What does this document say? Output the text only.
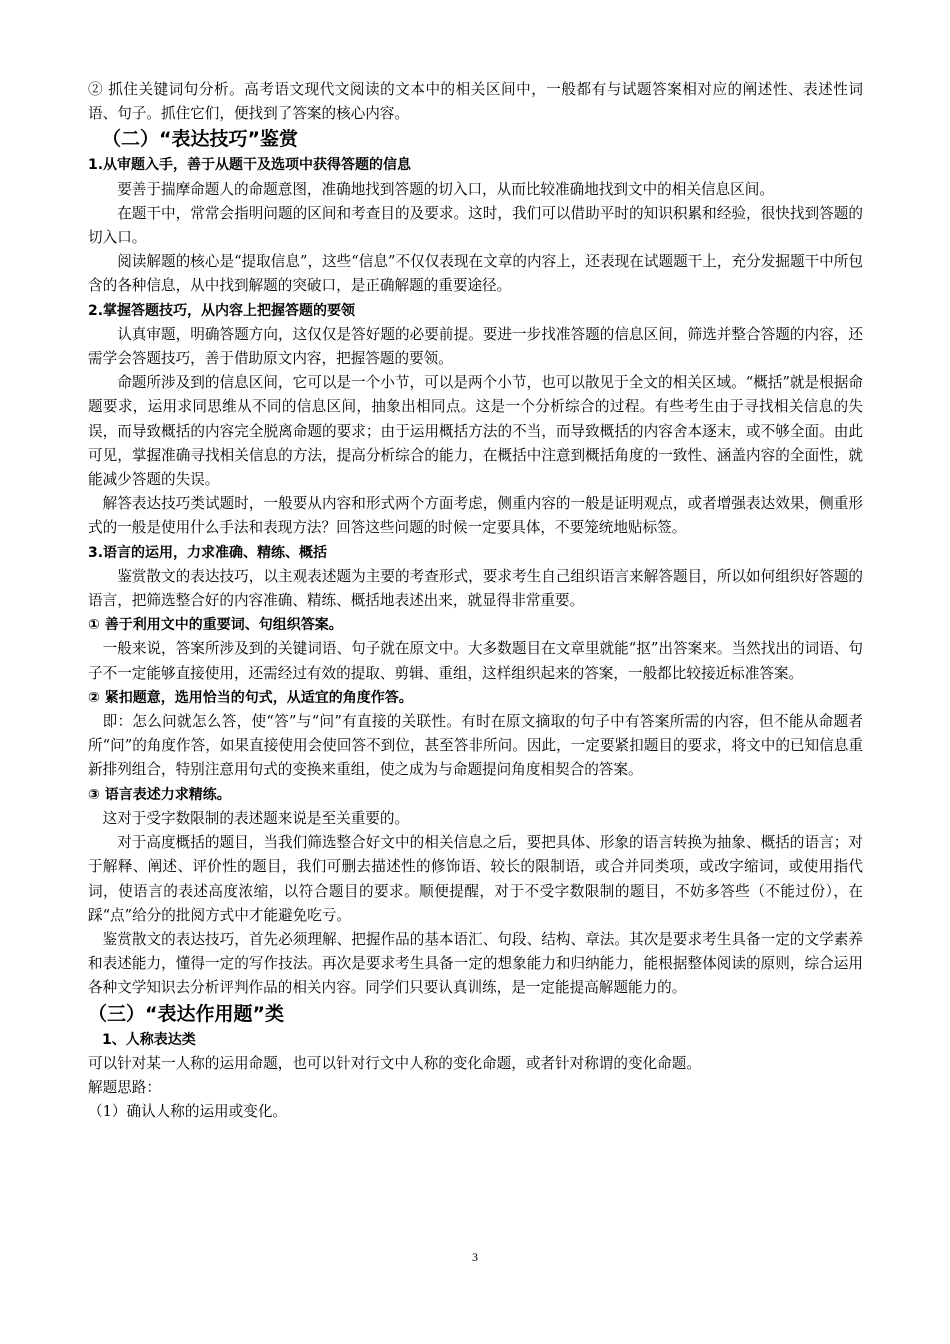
② 抓住关键词句分析。高考语文现代文阅读的文本中的相关区间中，一般都有与试题答案相对应的阐述性、表述性词语、句子。抓住它们，便找到了答案的核心内容。

（二）“表达技巧”鉴赏

1.从审题入手，善于从题干及选项中获得答题的信息

要善于揣摩命题人的命题意图，准确地找到答题的切入口，从而比较准确地找到文中的相关信息区间。

在题干中，常常会指明问题的区间和考查目的及要求。这时，我们可以借助平时的知识积累和经验，很快找到答题的切入口。

阅读解题的核心是“提取信息”，这些“信息”不仅仅表现在文章的内容上，还表现在试题题干上，充分发掘题干中所包含的各种信息，从中找到解题的突破口，是正确解题的重要途径。

2.掌握答题技巧，从内容上把握答题的要领

认真审题，明确答题方向，这仅仅是答好题的必要前提。要进一步找准答题的信息区间，筛选并整合答题的内容，还需学会答题技巧，善于借助原文内容，把握答题的要领。

命题所涉及到的信息区间，它可以是一个小节，可以是两个小节，也可以散见于全文的相关区域。“概括”就是根据命题要求，运用求同思维从不同的信息区间，抽象出相同点。这是一个分析综合的过程。有些考生由于寻找相关信息的失误，而导致概括的内容完全脱离命题的要求；由于运用概括方法的不当，而导致概括的内容舍本逐末，或不够全面。由此可见，掌握准确寻找相关信息的方法，提高分析综合的能力，在概括中注意到概括角度的一致性、涵盖内容的全面性，就能减少答题的失误。

解答表达技巧类试题时，一般要从内容和形式两个方面考虑，侧重内容的一般是证明观点，或者增强表达效果，侧重形式的一般是使用什么手法和表现方法？回答这些问题的时候一定要具体，不要笼统地贴标签。

3.语言的运用，力求准确、精练、概括

鉴赏散文的表达技巧，以主观表述题为主要的考查形式，要求考生自己组织语言来解答题目，所以如何组织好答题的语言，把筛选整合好的内容准确、精练、概括地表述出来，就显得非常重要。

① 善于利用文中的重要词、句组织答案。

一般来说，答案所涉及到的关键词语、句子就在原文中。大多数题目在文章里就能“抠”出答案来。当然找出的词语、句子不一定能够直接使用，还需经过有效的提取、剪辑、重组，这样组织起来的答案，一般都比较接近标准答案。

② 紧扣题意，选用恰当的句式，从适宜的角度作答。

即：怎么问就怎么答，使“答”与“问”有直接的关联性。有时在原文摘取的句子中有答案所需的内容，但不能从命题者所“问”的角度作答，如果直接使用会使回答不到位，甚至答非所问。因此，一定要紧扣题目的要求，将文中的已知信息重新排列组合，特别注意用句式的变换来重组，使之成为与命题提问角度相契合的答案。

③ 语言表述力求精练。

这对于受字数限制的表述题来说是至关重要的。

对于高度概括的题目，当我们筛选整合好文中的相关信息之后，要把具体、形象的语言转换为抽象、概括的语言；对于解释、阐述、评价性的题目，我们可删去描述性的修饰语、较长的限制语，或合并同类项，或改字缩词，或使用指代词，使语言的表述高度浓缩，以符合题目的要求。顺便提醒，对于不受字数限制的题目，不妨多答些（不能过份），在踩“点”给分的批阅方式中才能避免吃亏。

鉴赏散文的表达技巧，首先必须理解、把握作品的基本语汇、句段、结构、章法。其次是要求考生具备一定的文学素养和表述能力，懂得一定的写作技法。再次是要求考生具备一定的想象能力和归纳能力，能根据整体阅读的原则，综合运用各种文学知识去分析评判作品的相关内容。同学们只要认真训练，是一定能提高解题能力的。

（三）“表达作用题”类

1、人称表达类

可以针对某一人称的运用命题，也可以针对行文中人称的变化命题，或者针对称谓的变化命题。

解题思路：

（1）确认人称的运用或变化。

3
